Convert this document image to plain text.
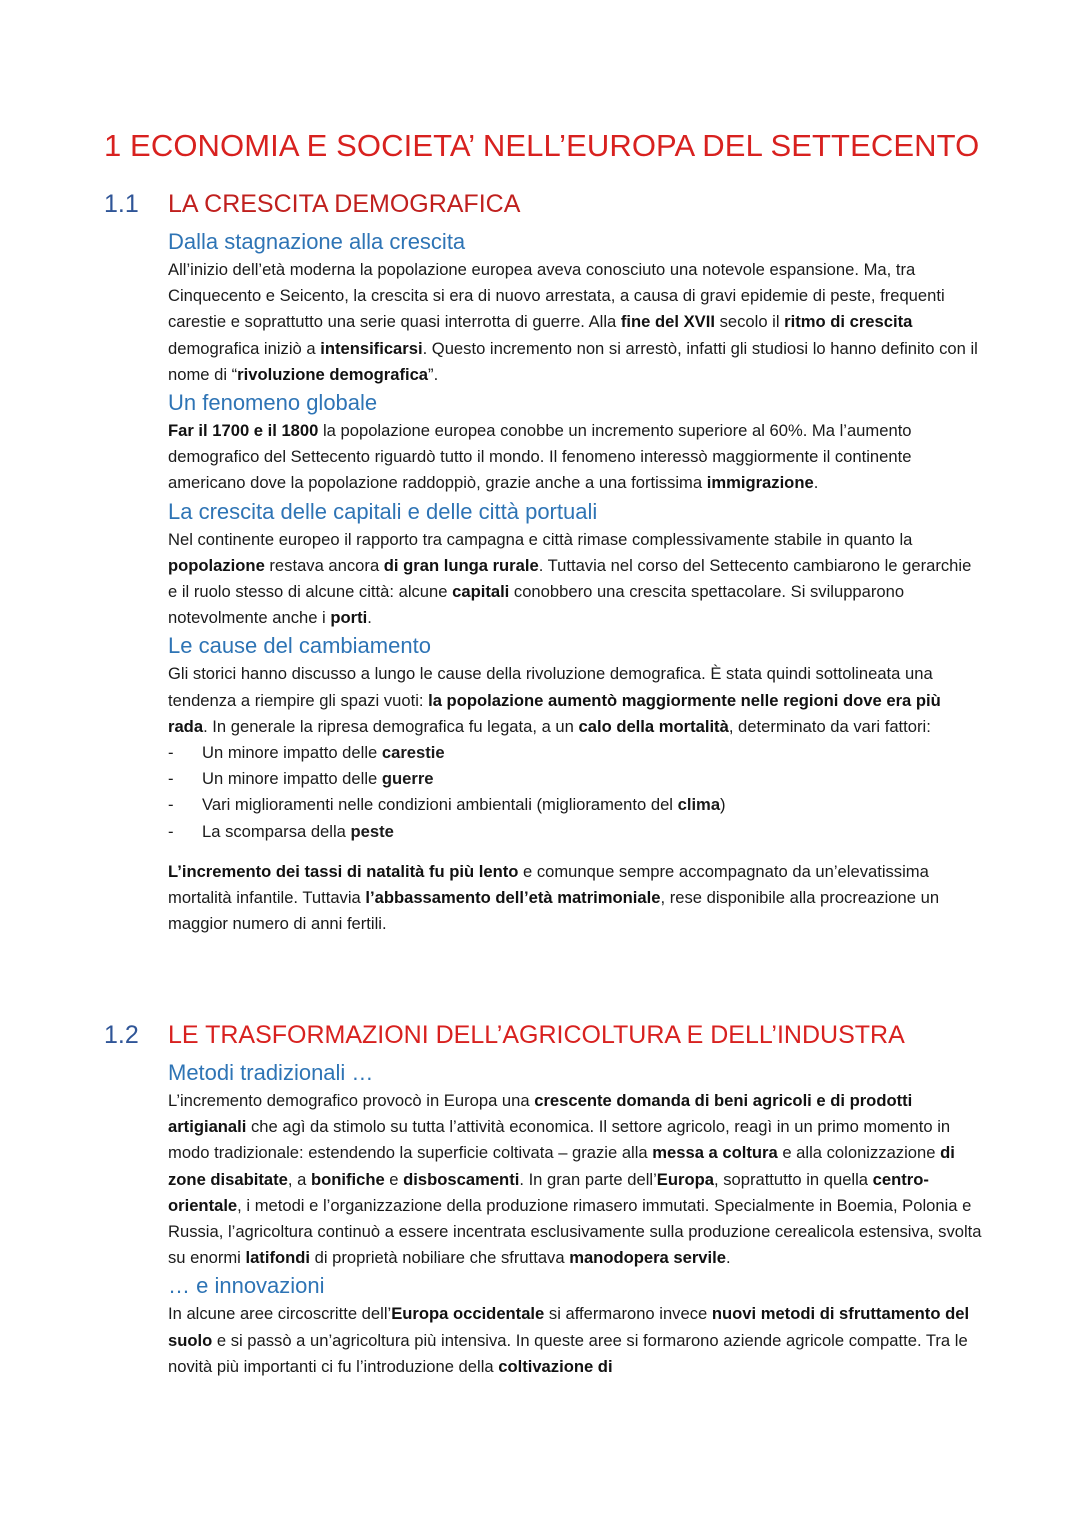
1 ECONOMIA E SOCIETA’ NELL’EUROPA DEL SETTECENTO
1.1	LA CRESCITA DEMOGRAFICA
Dalla stagnazione alla crescita

All’inizio dell’età moderna la popolazione europea aveva conosciuto una notevole espansione. Ma, tra Cinquecento e Seicento, la crescita si era di nuovo arrestata, a causa di gravi epidemie di peste, frequenti carestie e soprattutto una serie quasi interrotta di guerre. Alla fine del XVII secolo il ritmo di crescita demografica iniziò a intensificarsi. Questo incremento non si arrestò, infatti gli studiosi lo hanno definito con il nome di “rivoluzione demografica”.

Un fenomeno globale

Far il 1700 e il 1800 la popolazione europea conobbe un incremento superiore al 60%. Ma l’aumento demografico del Settecento riguardò tutto il mondo. Il fenomeno interessò maggiormente il continente americano dove la popolazione raddoppiò, grazie anche a una fortissima immigrazione.

La crescita delle capitali e delle città portuali

Nel continente europeo il rapporto tra campagna e città rimase complessivamente stabile in quanto la popolazione restava ancora di gran lunga rurale. Tuttavia nel corso del Settecento cambiarono le gerarchie e il ruolo stesso di alcune città: alcune capitali conobbero una crescita spettacolare. Si svilupparono notevolmente anche i porti.

Le cause del cambiamento

Gli storici hanno discusso a lungo le cause della rivoluzione demografica. È stata quindi sottolineata una tendenza a riempire gli spazi vuoti: la popolazione aumentò maggiormente nelle regioni dove era più rada. In generale la ripresa demografica fu legata, a un calo della mortalità, determinato da vari fattori:

- Un minore impatto delle carestie
- Un minore impatto delle guerre
- Vari miglioramenti nelle condizioni ambientali (miglioramento del clima)
- La scomparsa della peste

L’incremento dei tassi di natalità fu più lento e comunque sempre accompagnato da un’elevatissima mortalità infantile. Tuttavia l’abbassamento dell’età matrimoniale, rese disponibile alla procreazione un maggior numero di anni fertili.

1.2	LE TRASFORMAZIONI DELL’AGRICOLTURA E DELL’INDUSTRA
Metodi tradizionali …

L’incremento demografico provocò in Europa una crescente domanda di beni agricoli e di prodotti artigianali che agì da stimolo su tutta l’attività economica. Il settore agricolo, reagì in un primo momento in modo tradizionale: estendendo la superficie coltivata – grazie alla messa a coltura e alla colonizzazione di zone disabitate, a bonifiche e disboscamenti. In gran parte dell’Europa, soprattutto in quella centro-orientale, i metodi e l’organizzazione della produzione rimasero immutati. Specialmente in Boemia, Polonia e Russia, l’agricoltura continuò a essere incentrata esclusivamente sulla produzione cerealicola estensiva, svolta su enormi latifondi di proprietà nobiliare che sfruttava manodopera servile.

… e innovazioni

In alcune aree circoscritte dell’Europa occidentale si affermarono invece nuovi metodi di sfruttamento del suolo e si passò a un’agricoltura più intensiva. In queste aree si formarono aziende agricole compatte. Tra le novità più importanti ci fu l’introduzione della coltivazione di
